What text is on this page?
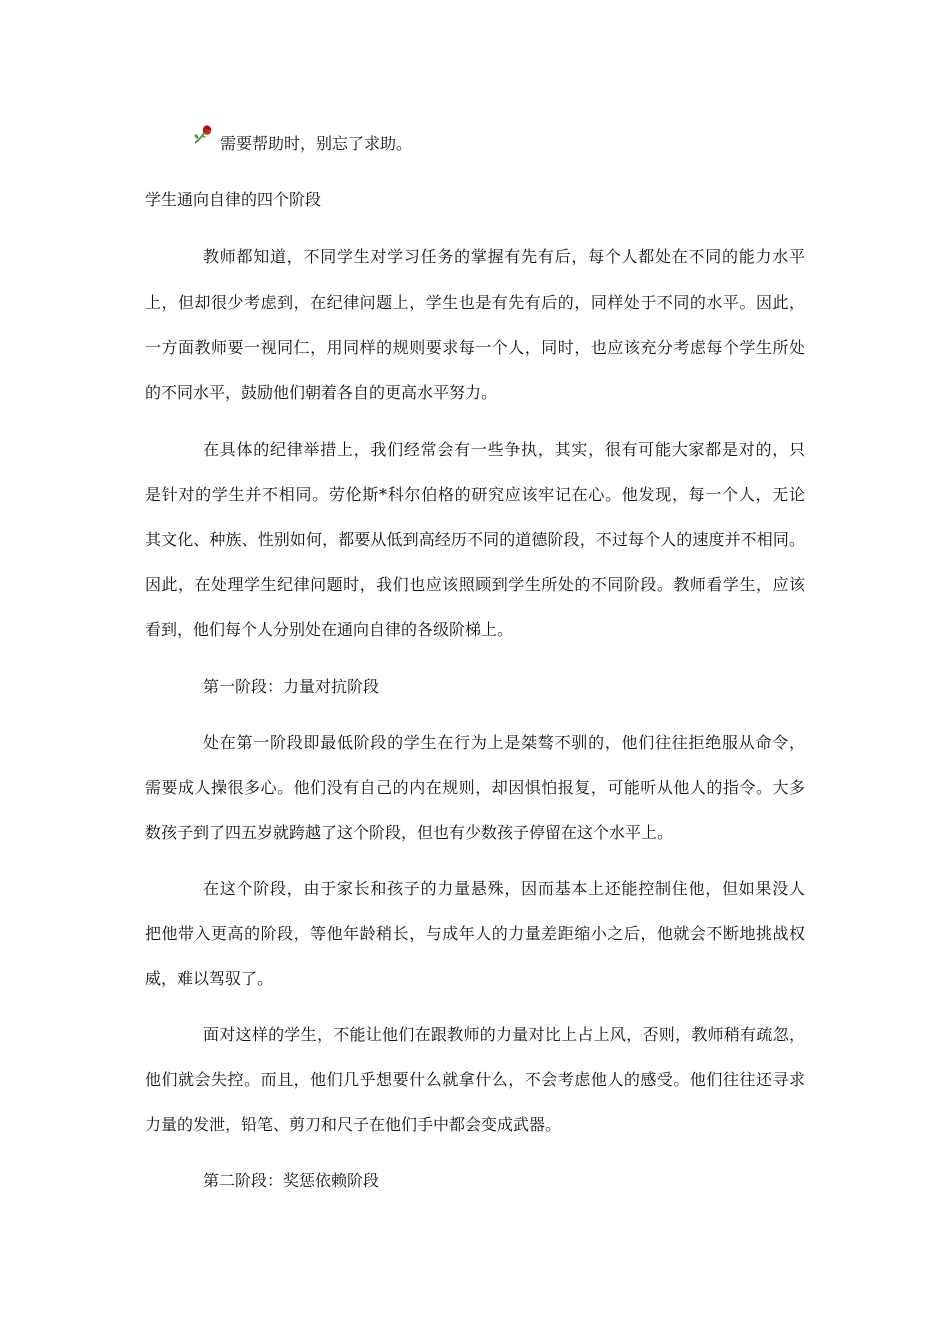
需要帮助时，别忘了求助。
学生通向自律的四个阶段
教师都知道，不同学生对学习任务的掌握有先有后，每个人都处在不同的能力水平
上，但却很少考虑到，在纪律问题上，学生也是有先有后的，同样处于不同的水平。因此，
一方面教师要一视同仁，用同样的规则要求每一个人，同时，也应该充分考虑每个学生所处
的不同水平，鼓励他们朝着各自的更高水平努力。
在具体的纪律举措上，我们经常会有一些争执，其实，很有可能大家都是对的，只
是针对的学生并不相同。劳伦斯*科尔伯格的研究应该牢记在心。他发现，每一个人，无论
其文化、种族、性别如何，都要从低到高经历不同的道德阶段，不过每个人的速度并不相同。
因此，在处理学生纪律问题时，我们也应该照顾到学生所处的不同阶段。教师看学生，应该
看到，他们每个人分别处在通向自律的各级阶梯上。
第一阶段：力量对抗阶段
处在第一阶段即最低阶段的学生在行为上是桀骜不驯的，他们往往拒绝服从命令，
需要成人操很多心。他们没有自己的内在规则，却因惧怕报复，可能听从他人的指令。大多
数孩子到了四五岁就跨越了这个阶段，但也有少数孩子停留在这个水平上。
在这个阶段，由于家长和孩子的力量悬殊，因而基本上还能控制住他，但如果没人
把他带入更高的阶段，等他年龄稍长，与成年人的力量差距缩小之后，他就会不断地挑战权
威，难以驾驭了。
面对这样的学生，不能让他们在跟教师的力量对比上占上风，否则，教师稍有疏忽，
他们就会失控。而且，他们几乎想要什么就拿什么，不会考虑他人的感受。他们往往还寻求
力量的发泄，铅笔、剪刀和尺子在他们手中都会变成武器。
第二阶段：奖惩依赖阶段
